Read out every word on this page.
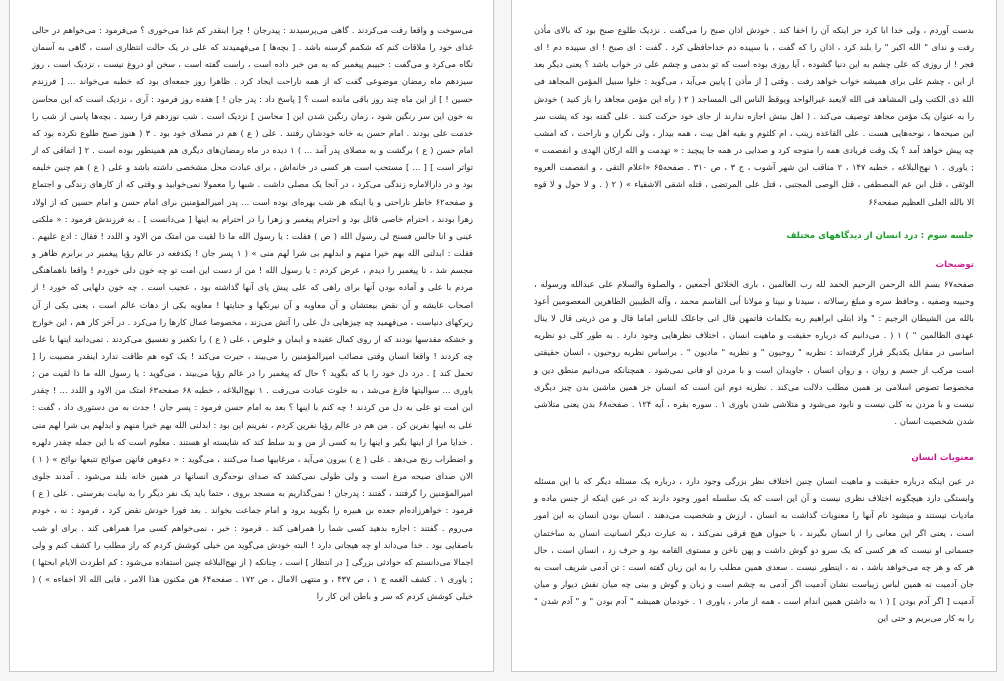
می‌سوخت و واقعا رفت می‌کردند . گاهی می‌پرسیدند : پیدرجان ! چرا اینقدر کم غذا می‌خوری ؟ می‌فرمود : می‌خواهم در حالی غذای خود را ملاقات کنم که شکمم گرسنه باشد . [ بچه‌ها ] می‌فهمیدند که علی در یک حالت انتظاری است ، گاهی به آسمان نگاه می‌کرد و می‌گفت : حبیبم پیغمبر که به من خبر داده است ، راست گفته است ، سخن او دروغ نیست ، نزدیک است ، روز سیزدهم ماه رمضان موضوعی گفت که از همه ناراحت ایجاد کرد . ظاهرا روز جمعه‌ای بود که خطبه می‌خواند ... [ فرزندم حسین ! ] از این ماه چند روز باقی مانده است ؟ [ پاسخ داد : پدر جان ! ] هفده روز فرمود : آری ، نزدیک است که این محاسن به خون این سر رنگین شود ، زمان رنگین شدن این [ محاسن ] نزدیک است . شب نوزدهم فرا رسید . بچه‌ها پاسی از شب را خدمت علی بودند . امام حسن به خانه خودشان رفتند . علی ( ع ) هم در مصلای خود بود . ۳ ( هنوز صبح طلوع نکرده بود که امام حسن ( ع ) برگشت و به مصلای پدر آمد ... ) ۱ دیده در ماه رمضان‌های دیگری هم همینطور بوده است . ۲ [ اتفاقی که از تواتر است ] [ ... ] مستحب است هر کسی در خانه‌اش ، برای عبادت محل مشخصی داشته باشد و علی ( ع ) هم چنین خلیفه بود و در دارالاماره زندگی می‌کرد ، در آنجا یک مصلی داشت . شبها را معمولا نمی‌خوابید و وقتی که از کارهای زندگی و اجتماع و صفحه۶۲ خاطر ناراحتی و یا اینکه هر شب بهره‌ای بوده است ... پدر امیرالمؤمنین برای امام حسن و امام حسین که از اولاد زهرا بودند ، احترام خاصی قائل بود و احترام پیغمبر و زهرا را در احترام به اینها [ می‌دانست ] . به فرزندش فرمود : « ملکنی عینی و انا جالس فسنح لی رسول الله ( ص ) فقلت : یا رسول الله ما ذا لقیت من امتک من الاود و اللدد ! فقال : ادع علیهم . فقلت : ابدلنی الله بهم خیرا منهم و ابدلهم بی شرا لهم منی » ( ۱ پسر جان ! یکدفعه در عالم رؤیا پیغمبر در برابرم ظاهر و مجسم شد ، تا پیغمبر را دیدم ، عرض کردم : یا رسول الله ! من از دست این امت تو چه خون دلی خوردم ! واقعا ناهماهنگی مردم با علی و آماده بودن آنها برای راهی که علی پیش پای آنها گذاشته بود ، عجیب است . چه خون دلهایی که خورد ! از اصحاب عایشه و آن نقض بیعتشان و آن معاویه و آن نیرنگها و جنایتها ! معاویه یکی از دهات عالم است ، یعنی یکی از آن زیرکهای دنیاست ، می‌فهمید چه چیزهایی دل علی را آتش می‌زند ، مخصوصا عمال کارها را می‌کرد . در آخر کار هم ، این خوارج و خشکه مقدسها بودند که از روی کمال عقیده و ایمان و خلوص ، علی ( ع ) را تکفیر و تفسیق می‌کردند . تمی‌دانید اینها با علی چه کردند ! واقعا انسان وقتی مصائب امیرالمؤمنین را می‌بیند ، حیرت می‌کند ! یک کوه هم طاقت ندارد اینقدر مصیبت را [ تحمل کند ] . درد دل خود را با که بگوید ؟ حال که پیغمبر را در عالم رؤیا می‌بیند ، می‌گوید : یا رسول الله ما ذا لقیت من ; یاوری ... سوالیتها فارغ می‌شد ، به خلوت عبادت می‌رفت . ۱ نهج‌البلاغه ، خطبه ۶۸ صفحه۶۳ امتک من الاود و اللدد ... ! چقدر این امت تو علی به دل من کردند ! چه کنم با اینها ؟ بعد به امام حسن فرمود : پسر جان ! جدت به من دستوری داد ، گفت : علی به اینها نفرین کن . من هم در عالم رؤیا نفرین کردم ، نفرینم این بود : ابدلنی الله بهم خیرا منهم و ابدلهم بی شرا لهم منی . خدایا مرا از اینها بگیر و اینها را به کسی از من و بد سلط کند که شایسته او هستند . معلوم است که با این جمله چقدر دلهره و اضطراب رنج می‌دهد . علی ( ع ) بیرون می‌آید ، مرغابیها صدا می‌کنند ، می‌گوید : « دعوهن فانهن صوائح تتبعها نوائح » ( ۱ ) الان صدای صیحه مرغ است و ولی طولی نمی‌کشد که صدای نوحه‌گری انسانها در همین خانه بلند می‌شود . آمدند جلوی امیرالمؤمنین را گرفتند ، گفتند : پدرجان ! نمی‌گذاریم به مسجد بروی ، حتما باید یک نفر دیگر را به نیابت بفرستی . علی ( ع ) فرمود : خواهرزاده‌ام جعده بن هبیره را بگویید برود و امام جماعت بخواند . بعد فورا خودش نقض کرد ، فرمود : نه ، خودم می‌روم . گفتند : اجازه بدهید کسی شما را همراهی کند . فرمود : خیر ، نمی‌خواهم کسی مرا همراهی کند . برای او شب باصفایی بود . خدا می‌داند او چه هیجانی دارد ! البته خودش می‌گوید من خیلی کوشش کردم که راز مطلب را کشف کنم و ولی اجمالا می‌دانستم که حوادثی بزرگی [ در انتظار ] است ، چنانکه ( از نهج‌البلاغه چنین استفاده می‌شود : کم اطردت الایام ابحثها ) ; یاوری ۱ . کشف الغمه ج ۱ ، ص ۴۳۷ ، و منتهی الامال ، ص ۱۷۲ . صفحه۶۴ هن مکنون هذا الامر ، فابی الله الا اخفاءه » ) ( خیلی کوشش کردم که سر و باطن این کار را

بدست آوردم ، ولی خدا ابا کرد جز اینکه آن را اخفا کند . خودش اذان صبح را می‌گفت . نزدیک طلوع صبح بود که بالای مأذن رفت و ندای " الله اکبر " را بلند کرد ، اذان را که گفت ، با سپیده دم خداحافظی کرد . گفت : ای صبح ! ای سپیده دم ! ای فجر ! از روزی که علی چشم به این دنیا گشوده ، آیا روزی بوده است که تو بدمی و چشم علی در خواب باشد ؟ یعنی دیگر بعد از این ، چشم علی برای همیشه خواب خواهد رفت . وقتی [ از مأذن ] پایین می‌آید ، می‌گوید : خلوا سبیل المؤمن المجاهد فی الله ذی الکتب ولی المشاهد فی الله لایعبد غیرالواحد ویوقظ الناس الی المساجد ( ۲ ( راه این مؤمن مجاهد را باز کنید ) خودش را به عنوان یک مؤمن مجاهد توصیف می‌کند . ( اهل بیتش اجازه ندارند از جای خود حرکت کنند . علی گفته بود که پشت سر این صیحه‌ها ، نوحه‌هایی هست . علی القاعده زینب ، ام کلثوم و بقیه اهل بیت ، همه بیدار ، ولی نگران و ناراحت ، که امشب چه پیش خواهد آمد ؟ یک وقت فریادی همه را متوجه کرد و صدایی در همه جا پیچید : « تهدمت و الله ارکان الهدی و انفصمت » ; یاوری . ۱ نهج‌البلاغه ، خطبه ۱۴۷ ، ۲ مناقب ابن شهر آشوب ، ج ۳ ، ص ۳۱۰ . صفحه۶۵ «اعلام التقی ، و انفصمت العروه الوثقی ، قتل ابن عم المصطفی ، قتل الوصی المجتبی ، قتل علی المرتضی ، قتله اشقی الاشقیاء » ( ۲ ( . و لا حول و لا قوه الا بالله العلی العظیم صفحه۶۶

جلسه سوم : درد انسان از دیدگاههای مختلف

توضیحات

صفحه۶۷ بسم الله الرحمن الرحیم الحمد لله رب العالمین ، باری الخلائق أجمعین ، والصلوة والسلام علی عبدالله ورسوله ، وحبیبه وصفیه ، وحافظ سره و مبلغ رسالاته ، سیدنا و نبینا و مولانا أبی القاسم محمد ، وآله الطیبین الطاهرین المعصومین أعوذ بالله من الشیطان الرجیم : " واذ ابتلی ابراهیم ربه بکلمات فاتمهن قال انی جاعلک للناس اماما قال و من ذریتی قال لا ینال عهدی الظالمین " ) ۱ ( . می‌دانیم که درباره حقیقت و ماهیت انسان ، اختلاف نظرهایی وجود دارد . به طور کلی دو نظریه اساسی در مقابل یکدیگر قرار گرفته‌اند : نظریه " روحیون " و نظریه " مادیون " . براساس نظریه روحیون ، انسان حقیقتی است مرکب از جسم و روان ، و روان انسان ، جاویدان است و با مردن او فانی نمی‌شود . همچنانکه می‌دانیم منطق دین و مخصوصا تصوص اسلامی بر همین مطلب دلالت می‌کند . نظریه دوم این است که انسان جز همین ماشین بدن چیز دیگری نیست و با مردن به کلی نیست و نابود می‌شود و متلاشی شدن یاوری ۱ . سوره بقره ، آیه ۱۲۴ . صفحه۶۸ بدن یعنی متلاشی شدن شخصیت انسان .

معنویات انسان

در عین اینکه درباره حقیقت و ماهیت انسان چنین اختلاف نظر بزرگی وجود دارد ، درباره یک مسئله دیگر که با این مسئله وابستگی دارد هیچگونه اختلاف نظری نیست و آن این است که یک سلسله امور وجود دارند که در عین اینکه از جنس ماده و ماديات نيستند و میشود نام آنها را معنویات گذاشت به انسان ، ارزش و شخصیت می‌دهند . انسان بودن انسان به این امور است ، یعنی اگر این معانی را از انسان بگیرند ، با حیوان هیچ فرقی نمی‌کند ، به عبارت دیگر انسانیت انسان به ساختمان جسمانی او نیست که هر کسی که یک سرو دو گوش داشت و پهن ناخن و مستوی القامه بود و حرف زد ، انسان است ، حال هر که و هر چه می‌خواهد باشد ، نه ، اینطور نیست . سعدی همین مطلب را به این زبان گفته است : تن آدمی شریف است به جان آدمیت نه همین لباس زیباست نشان آدمیت اگر آدمی به چشم است و زبان و گوش و بینی چه میان نقش دیوار و میان آدمیت [ اگر آدم بودن ] ( ۱ به داشتن همین اندام است ، همه از مادر ، یاوری ۱ . خودمان همیشه " آدم بودن " و " آدم شدن " را به کار می‌بریم و حتی این
